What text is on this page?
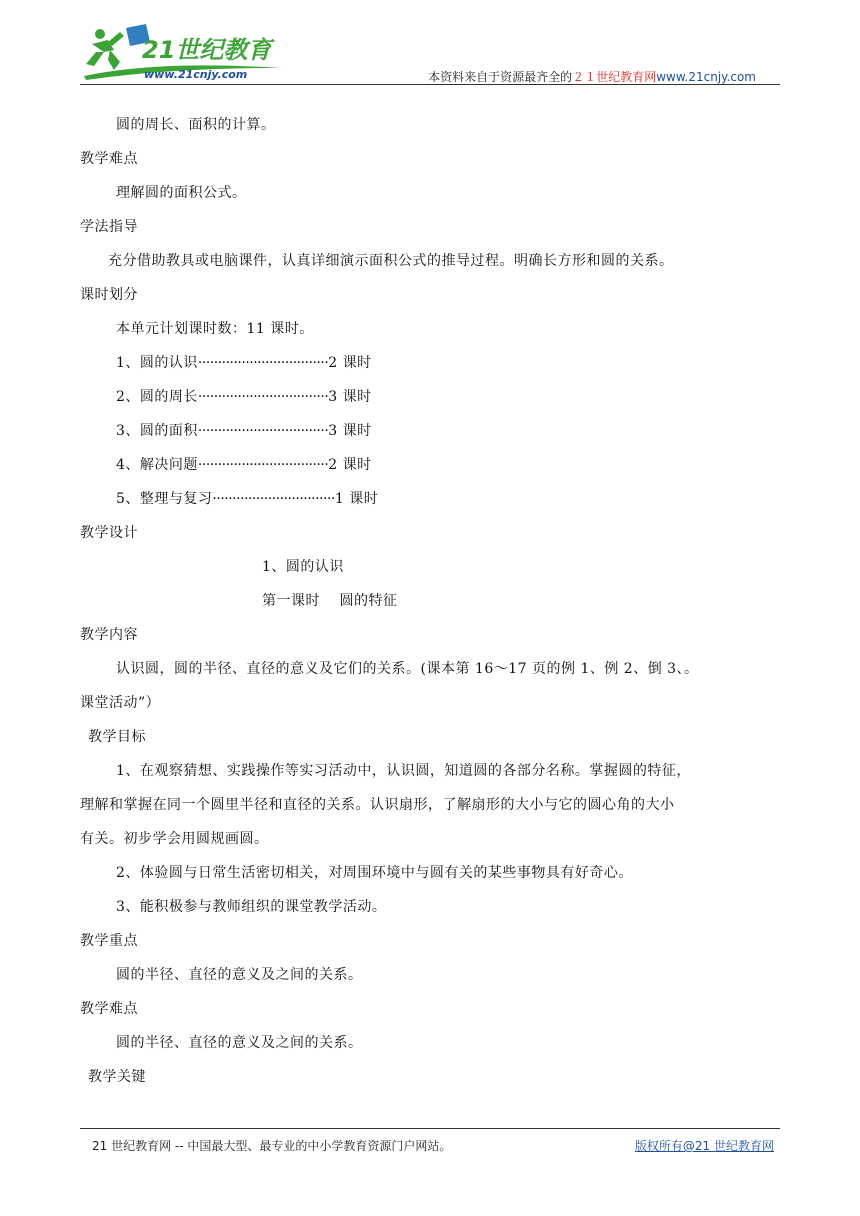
21世纪教育
www.21cnjy.com	本资料来自于资源最齐全的２１世纪教育网www.21cnjy.com
圆的周长、面积的计算。
教学难点
理解圆的面积公式。
学法指导
充分借助教具或电脑课件，认真详细演示面积公式的推导过程。明确长方形和圆的关系。
课时划分
本单元计划课时数：11 课时。
1、圆的认识·································2 课时
2、圆的周长·································3 课时
3、圆的面积·································3 课时
4、解决问题·································2 课时
5、整理与复习·······························1 课时
教学设计
1、圆的认识
第一课时　 圆的特征
教学内容
认识圆，圆的半径、直径的意义及它们的关系。(课本第 16～17 页的例 1、例 2、倒 3、。
课堂活动”）
教学目标
1、在观察猜想、实践操作等实习活动中，认识圆，知道圆的各部分名称。掌握圆的特征，
理解和掌握在同一个圆里半径和直径的关系。认识扇形，了解扇形的大小与它的圆心角的大小
有关。初步学会用圆规画圆。
2、体验圆与日常生活密切相关，对周围环境中与圆有关的某些事物具有好奇心。
3、能积极参与教师组织的课堂教学活动。
教学重点
圆的半径、直径的意义及之间的关系。
教学难点
圆的半径、直径的意义及之间的关系。
教学关键
21 世纪教育网 -- 中国最大型、最专业的中小学教育资源门户网站。	版权所有@21 世纪教育网
